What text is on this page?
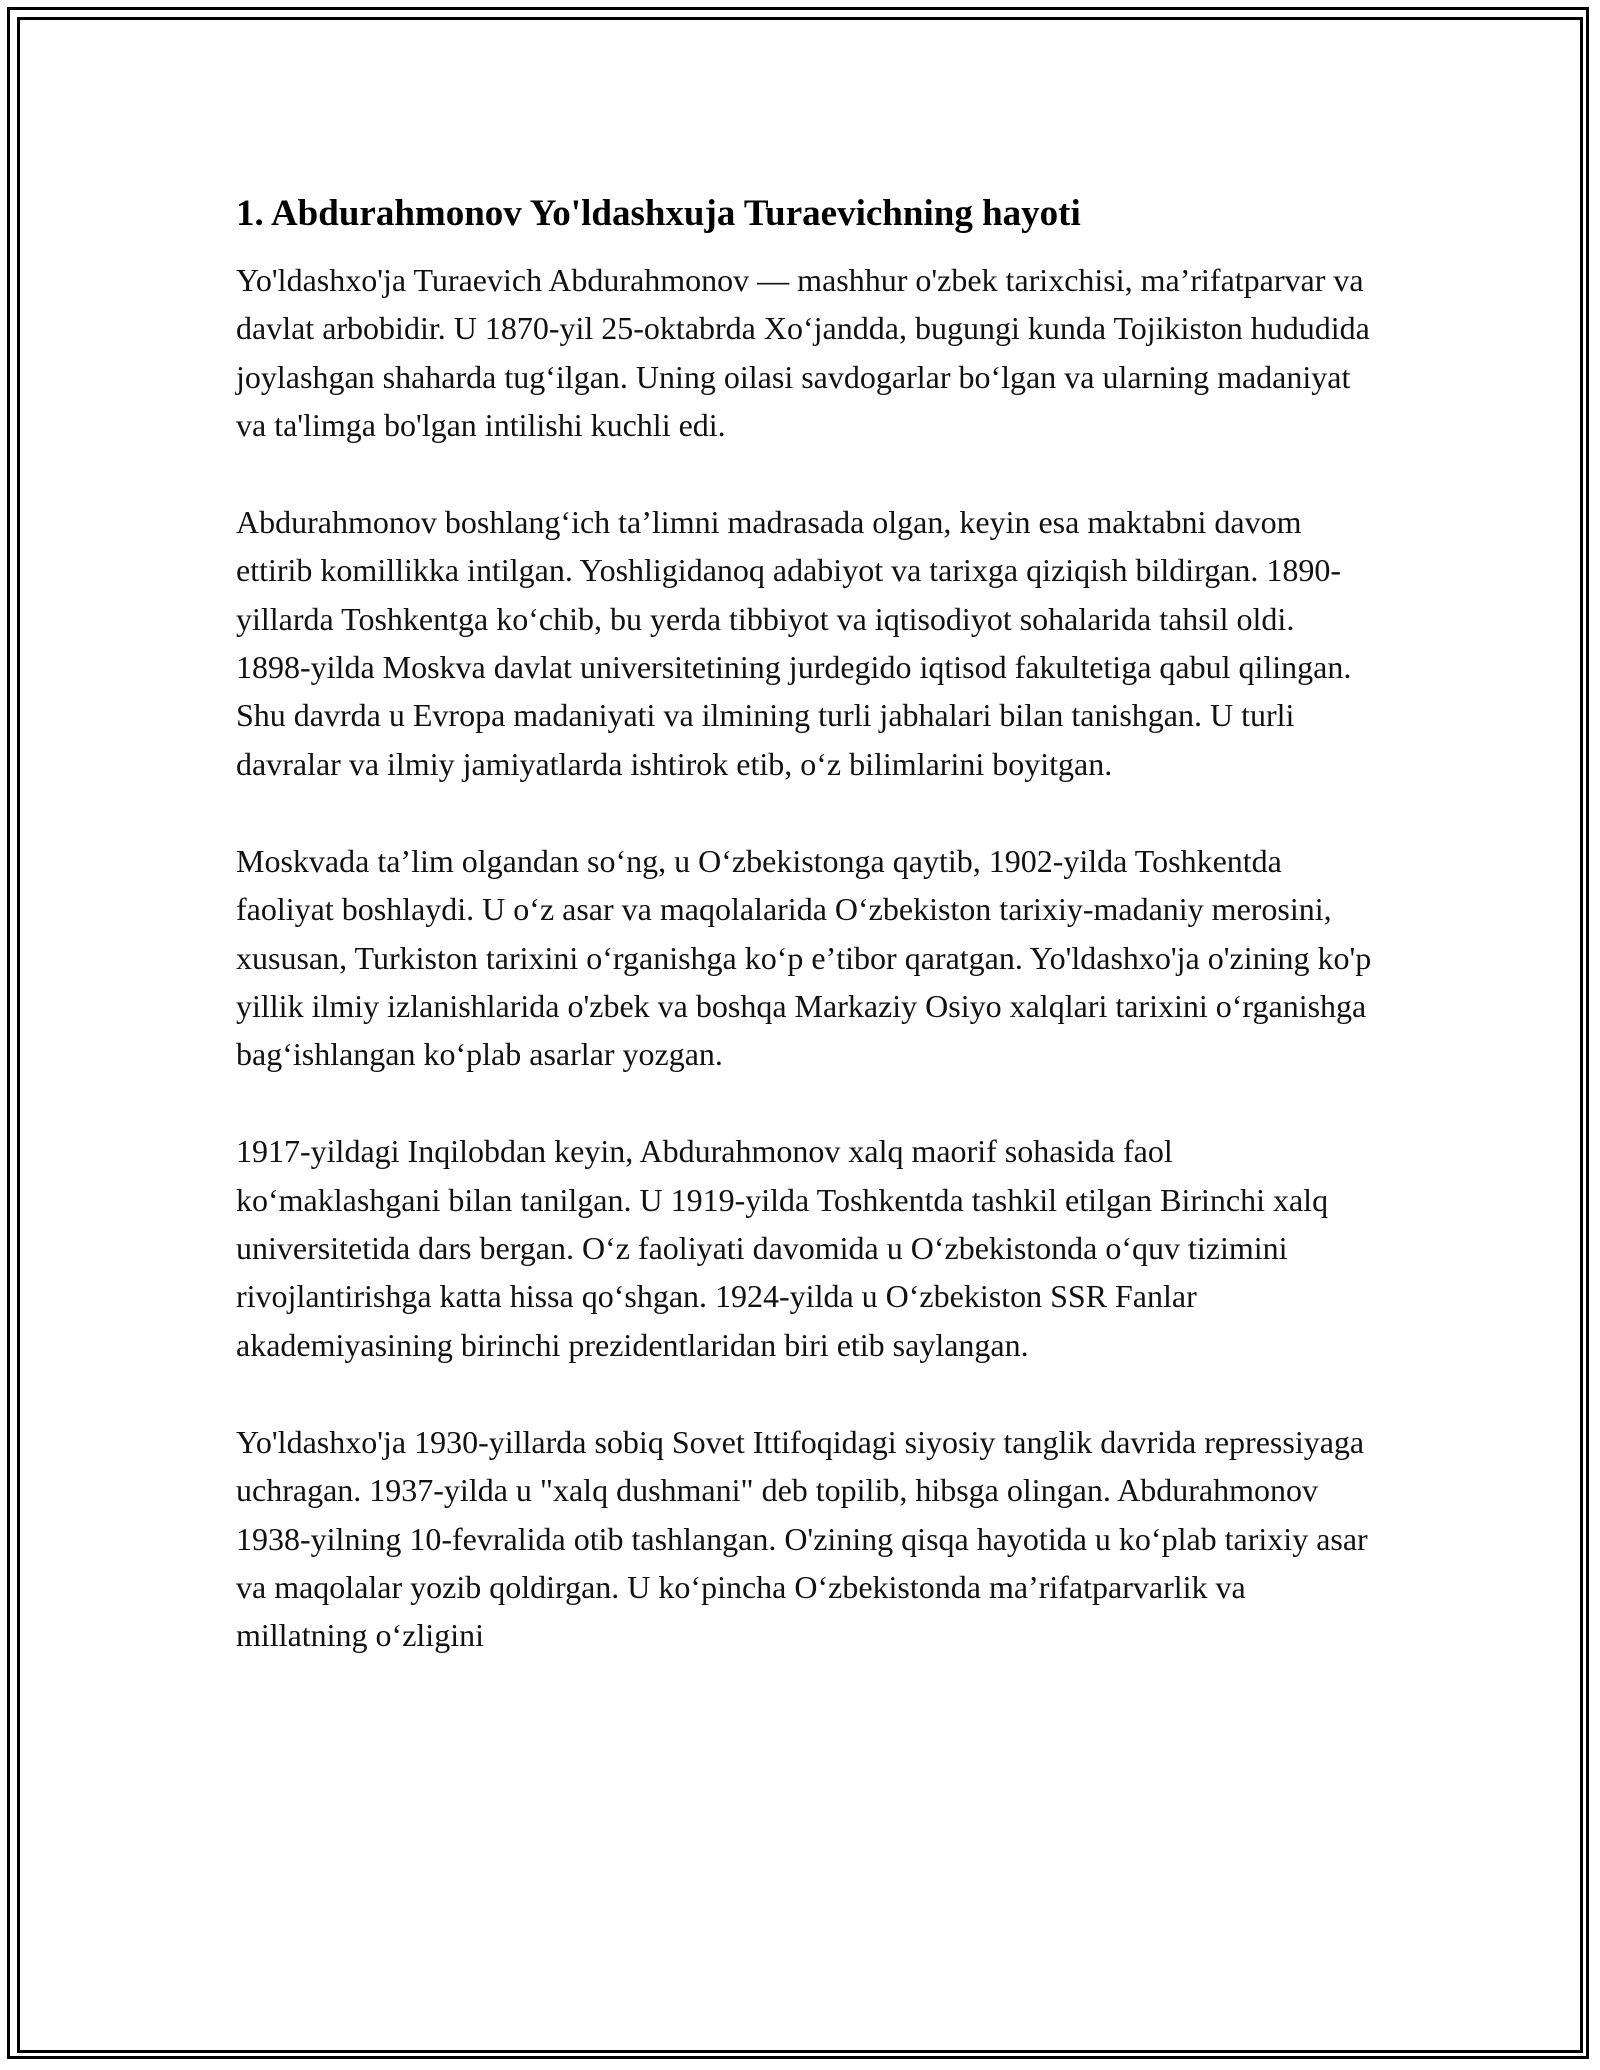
1. Abdurahmonov Yo'ldashxuja Turaevichning hayoti

Yo'ldashxo'ja Turaevich Abdurahmonov — mashhur o'zbek tarixchisi, maʼrifatparvar va davlat arbobidir. U 1870-yil 25-oktabrda Xoʻjandda, bugungi kunda Tojikiston hududida joylashgan shaharda tugʻilgan. Uning oilasi savdogarlar boʻlgan va ularning madaniyat va ta'limga bo'lgan intilishi kuchli edi.

Abdurahmonov boshlangʻich taʼlimni madrasada olgan, keyin esa maktabni davom ettirib komillikka intilgan. Yoshligidanoq adabiyot va tarixga qiziqish bildirgan. 1890-yillarda Toshkentga koʻchib, bu yerda tibbiyot va iqtisodiyot sohalarida tahsil oldi. 1898-yilda Moskva davlat universitetining jurdegido iqtisod fakultetiga qabul qilingan. Shu davrda u Evropa madaniyati va ilmining turli jabhalari bilan tanishgan. U turli davralar va ilmiy jamiyatlarda ishtirok etib, oʻz bilimlarini boyitgan.

Moskvada taʼlim olgandan soʻng, u Oʻzbekistonga qaytib, 1902-yilda Toshkentda faoliyat boshlaydi. U oʻz asar va maqolalarida Oʻzbekiston tarixiy-madaniy merosini, xususan, Turkiston tarixini oʻrganishga koʻp eʼtibor qaratgan. Yo'ldashxo'ja o'zining ko'p yillik ilmiy izlanishlarida o'zbek va boshqa Markaziy Osiyo xalqlari tarixini oʻrganishga bagʻishlangan koʻplab asarlar yozgan.

1917-yildagi Inqilobdan keyin, Abdurahmonov xalq maorif sohasida faol koʻmaklashgani bilan tanilgan. U 1919-yilda Toshkentda tashkil etilgan Birinchi xalq universitetida dars bergan. Oʻz faoliyati davomida u Oʻzbekistonda oʻquv tizimini rivojlantirishga katta hissa qoʻshgan. 1924-yilda u Oʻzbekiston SSR Fanlar akademiyasining birinchi prezidentlaridan biri etib saylangan.

Yo'ldashxo'ja 1930-yillarda sobiq Sovet Ittifoqidagi siyosiy tanglik davrida repressiyaga uchragan. 1937-yilda u "xalq dushmani" deb topilib, hibsga olingan. Abdurahmonov 1938-yilning 10-fevralida otib tashlangan. O'zining qisqa hayotida u koʻplab tarixiy asar va maqolalar yozib qoldirgan. U koʻpincha Oʻzbekistonda maʼrifatparvarlik va millatning oʻzligini
